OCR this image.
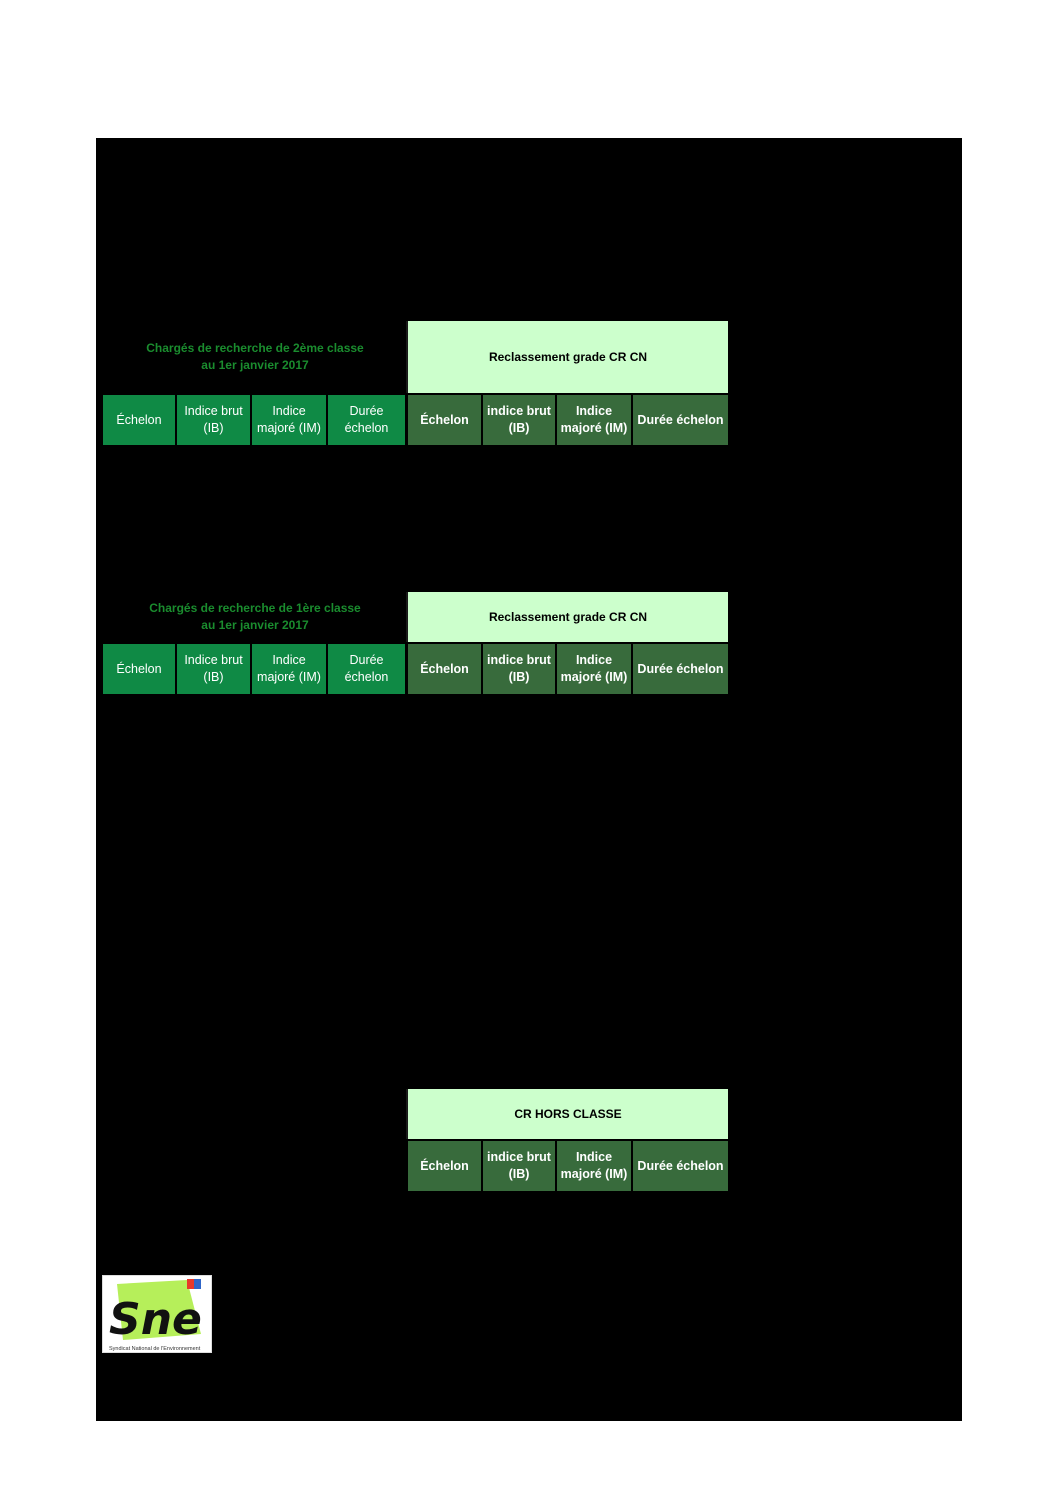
Chargés de recherche de 2ème classe
au 1er janvier 2017
Reclassement grade CR CN
Échelon
Indice brut (IB)
Indice majoré (IM)
Durée échelon
Échelon
indice brut (IB)
Indice majoré (IM)
Durée échelon
Chargés de recherche de 1ère classe
au 1er janvier 2017
Reclassement grade CR CN
Échelon
Indice brut (IB)
Indice majoré (IM)
Durée échelon
Échelon
indice brut (IB)
Indice majoré (IM)
Durée échelon
CR HORS CLASSE
Échelon
indice brut (IB)
Indice majoré (IM)
Durée échelon
Sne
Syndicat National de l'Environnement
